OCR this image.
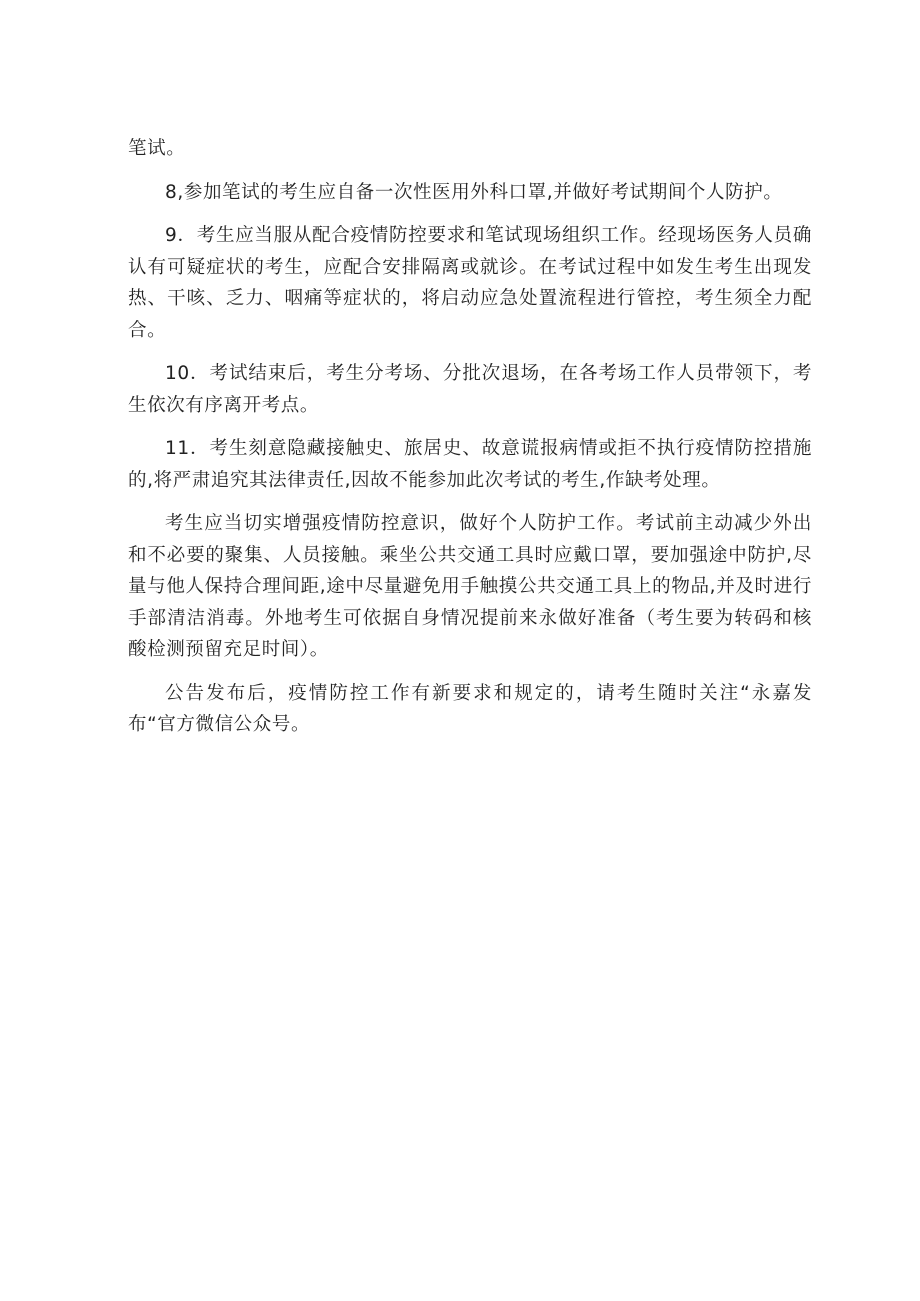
笔试。

8,参加笔试的考生应自备一次性医用外科口罩,并做好考试期间个人防护。

9．考生应当服从配合疫情防控要求和笔试现场组织工作。经现场医务人员确认有可疑症状的考生，应配合安排隔离或就诊。在考试过程中如发生考生出现发热、干咳、乏力、咽痛等症状的，将启动应急处置流程进行管控，考生须全力配合。

10．考试结束后，考生分考场、分批次退场，在各考场工作人员带领下，考生依次有序离开考点。

11．考生刻意隐藏接触史、旅居史、故意谎报病情或拒不执行疫情防控措施的,将严肃追究其法律责任,因故不能参加此次考试的考生,作缺考处理。

考生应当切实增强疫情防控意识，做好个人防护工作。考试前主动减少外出和不必要的聚集、人员接触。乘坐公共交通工具时应戴口罩，要加强途中防护,尽量与他人保持合理间距,途中尽量避免用手触摸公共交通工具上的物品,并及时进行手部清洁消毒。外地考生可依据自身情况提前来永做好准备（考生要为转码和核酸检测预留充足时间）。

公告发布后，疫情防控工作有新要求和规定的，请考生随时关注“永嘉发布“官方微信公众号。
